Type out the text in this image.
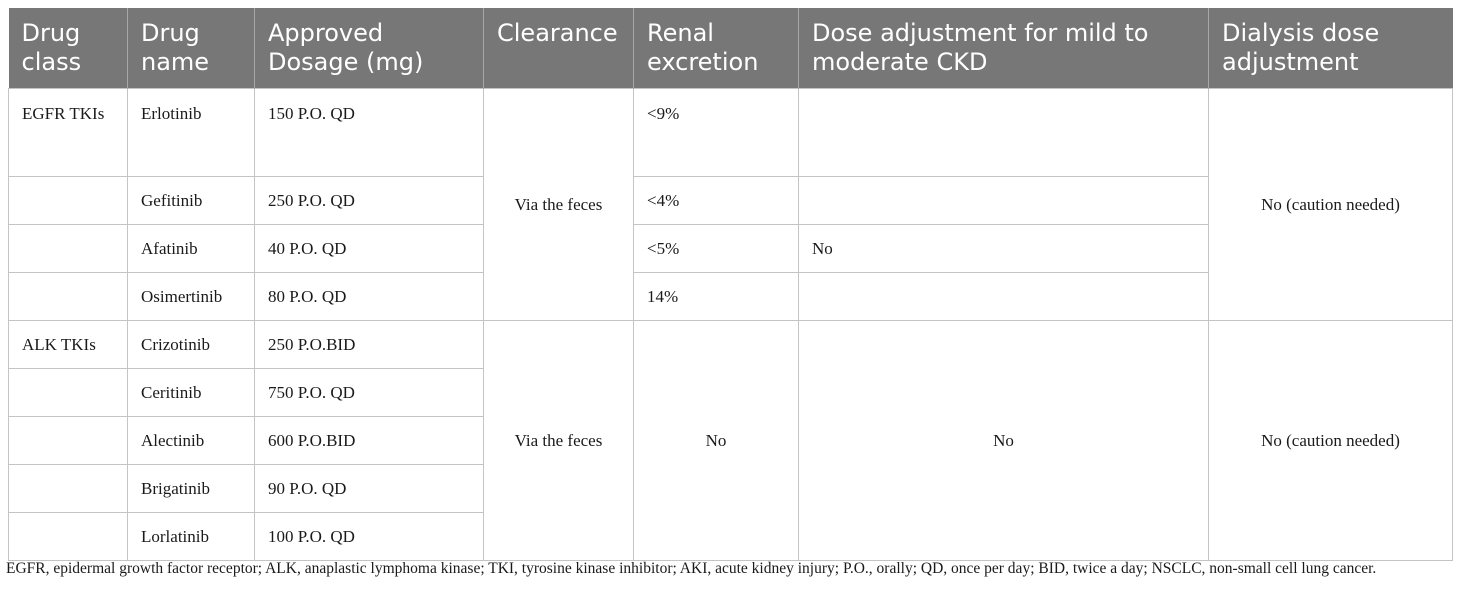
Drug class	Drug name	Approved Dosage (mg)	Clearance	Renal excretion	Dose adjustment for mild to moderate CKD	Dialysis dose adjustment
EGFR TKIs	Erlotinib	150 P.O. QD	Via the feces	<9%		No (caution needed)
	Gefitinib	250 P.O. QD		<4%		
	Afatinib	40 P.O. QD		<5%	No	
	Osimertinib	80 P.O. QD		14%		
ALK TKIs	Crizotinib	250 P.O.BID	Via the feces	No	No	No (caution needed)
	Ceritinib	750 P.O. QD				
	Alectinib	600 P.O.BID				
	Brigatinib	90 P.O. QD				
	Lorlatinib	100 P.O. QD				
EGFR, epidermal growth factor receptor; ALK, anaplastic lymphoma kinase; TKI, tyrosine kinase inhibitor; AKI, acute kidney injury; P.O., orally; QD, once per day; BID, twice a day; NSCLC, non-small cell lung cancer.
